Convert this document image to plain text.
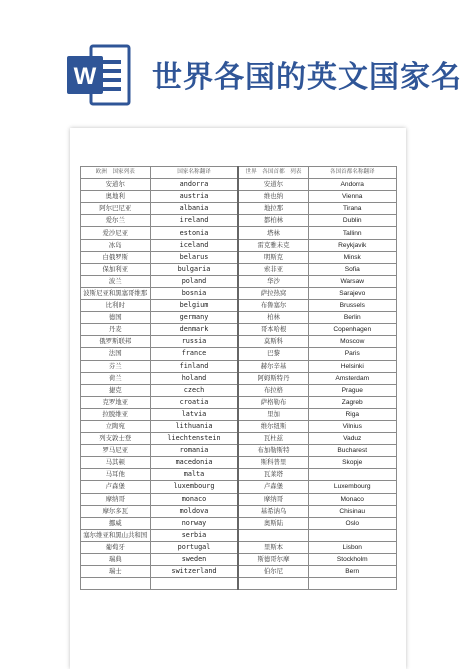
W 世界各国的英文国家名
欧洲　国家列表	国家名称翻译	世界　各国首都　列表	各国首都名称翻译
安道尔	andorra	安道尔	Andorra
奥地利	austria	维也纳	Vienna
阿尔巴尼亚	albania	地拉那	Tirana
爱尔兰	ireland	都柏林	Dublin
爱沙尼亚	estonia	塔林	Tallinn
冰岛	iceland	雷克雅未克	Reykjavik
白俄罗斯	belarus	明斯克	Minsk
保加利亚	bulgaria	索非亚	Sofia
波兰	poland	华沙	Warsaw
波斯尼亚和黑塞哥维那	bosnia	萨拉热窝	Sarajevo
比利时	belgium	布鲁塞尔	Brussels
德国	germany	柏林	Berlin
丹麦	denmark	哥本哈根	Copenhagen
俄罗斯联邦	russia	莫斯科	Moscow
法国	france	巴黎	Paris
芬兰	finland	赫尔辛基	Helsinki
荷兰	holand	阿姆斯特丹	Amsterdam
捷克	czech	布拉格	Prague
克罗地亚	croatia	萨格勒布	Zagreb
拉脱维亚	latvia	里加	Riga
立陶宛	lithuania	维尔纽斯	Vilnius
列支敦士登	liechtenstein	瓦杜兹	Vaduz
罗马尼亚	romania	布加勒斯特	Bucharest
马其顿	macedonia	斯科普里	Skopje
马耳他	malta	瓦莱塔	
卢森堡	luxembourg	卢森堡	Luxembourg
摩纳哥	monaco	摩纳哥	Monaco
摩尔多瓦	moldova	基希讷乌	Chisinau
挪威	norway	奥斯陆	Oslo
塞尔维亚和黑山共和国	serbia		
葡萄牙	portugal	里斯本	Lisbon
瑞典	sweden	斯德哥尔摩	Stockholm
瑞士	switzerland	伯尔尼	Bern
